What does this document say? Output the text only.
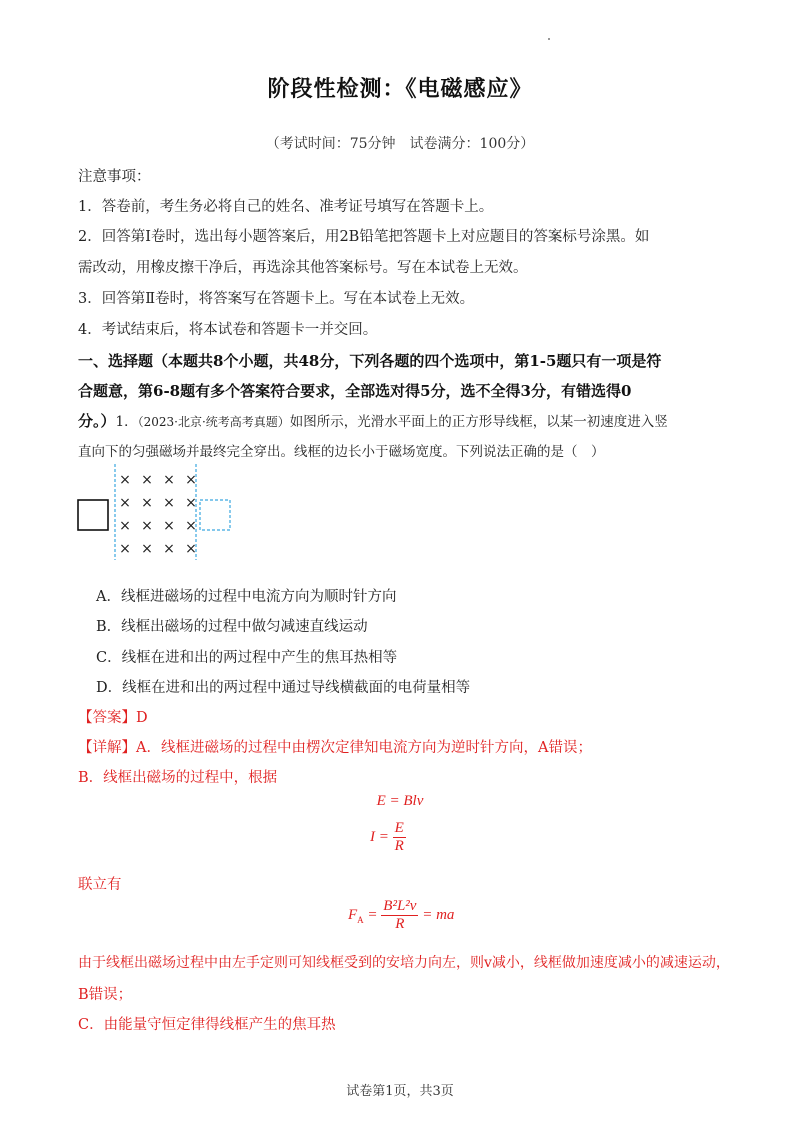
阶段性检测：《电磁感应》
（考试时间：75分钟　试卷满分：100分）
注意事项：
1．答卷前，考生务必将自己的姓名、准考证号填写在答题卡上。
2．回答第Ⅰ卷时，选出每小题答案后，用2B铅笔把答题卡上对应题目的答案标号涂黑。如
需改动，用橡皮擦干净后，再选涂其他答案标号。写在本试卷上无效。
3．回答第Ⅱ卷时，将答案写在答题卡上。写在本试卷上无效。
4．考试结束后，将本试卷和答题卡一并交回。
一、选择题（本题共8个小题，共48分，下列各题的四个选项中，第1-5题只有一项是符
合题意，第6-8题有多个答案符合要求，全部选对得5分，选不全得3分，有错选得0
分。）1．（2023·北京·统考高考真题）如图所示，光滑水平面上的正方形导线框，以某一初速度进入竖
直向下的匀强磁场并最终完全穿出。线框的边长小于磁场宽度。下列说法正确的是（　）
× × × ×
× × × ×
× × × ×
× × × ×
A．线框进磁场的过程中电流方向为顺时针方向
B．线框出磁场的过程中做匀减速直线运动
C．线框在进和出的两过程中产生的焦耳热相等
D．线框在进和出的两过程中通过导线横截面的电荷量相等
【答案】D
【详解】A．线框进磁场的过程中由楞次定律知电流方向为逆时针方向，A错误；
B．线框出磁场的过程中，根据
E = Blv
$I = \frac{E}{R}$
联立有
$F_A = \frac{\text{B²L²v}}{R}$ = ma
由于线框出磁场过程中由左手定则可知线框受到的安培力向左，则v减小，线框做加速度减小的减速运动，
B错误；
C．由能量守恒定律得线框产生的焦耳热
试卷第1页，共3页
